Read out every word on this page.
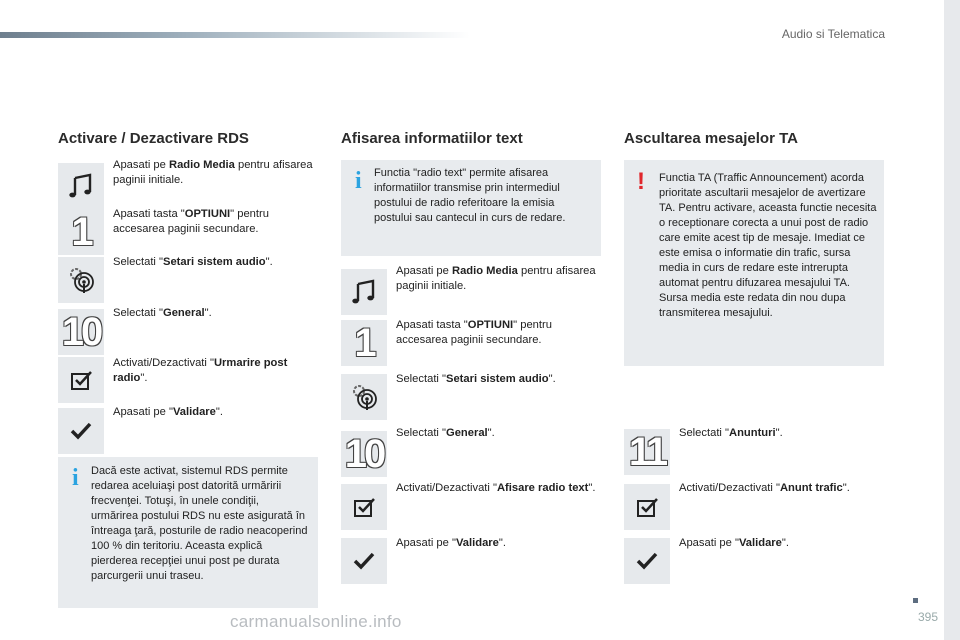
Audio si Telematica
395
carmanualsonline.info
Activare / Dezactivare RDS
Apasati pe Radio Media pentru afisarea paginii initiale.
1 Apasati tasta "OPTIUNI" pentru accesarea paginii secundare.
Selectati "Setari sistem audio".
10 Selectati "General".
Activati/Dezactivati "Urmarire post radio".
Apasati pe "Validare".
i Dacă este activat, sistemul RDS permite redarea aceluiaşi post datorită urmăririi frecvenţei. Totuşi, în unele condiţii, urmărirea postului RDS nu este asigurată în întreaga ţară, posturile de radio neacoperind 100 % din teritoriu. Aceasta explică pierderea recepţiei unui post pe durata parcurgerii unui traseu.
Afisarea informatiilor text
i Functia "radio text" permite afisarea informatiilor transmise prin intermediul postului de radio referitoare la emisia postului sau cantecul in curs de redare.
Apasati pe Radio Media pentru afisarea paginii initiale.
1 Apasati tasta "OPTIUNI" pentru accesarea paginii secundare.
Selectati "Setari sistem audio".
10 Selectati "General".
Activati/Dezactivati "Afisare radio text".
Apasati pe "Validare".
Ascultarea mesajelor TA
! Functia TA (Traffic Announcement) acorda prioritate ascultarii mesajelor de avertizare TA. Pentru activare, aceasta functie necesita o receptionare corecta a unui post de radio care emite acest tip de mesaje. Imediat ce este emisa o informatie din trafic, sursa media in curs de redare este intrerupta automat pentru difuzarea mesajului TA. Sursa media este redata din nou dupa transmiterea mesajului.
11 Selectati "Anunturi".
Activati/Dezactivati "Anunt trafic".
Apasati pe "Validare".
